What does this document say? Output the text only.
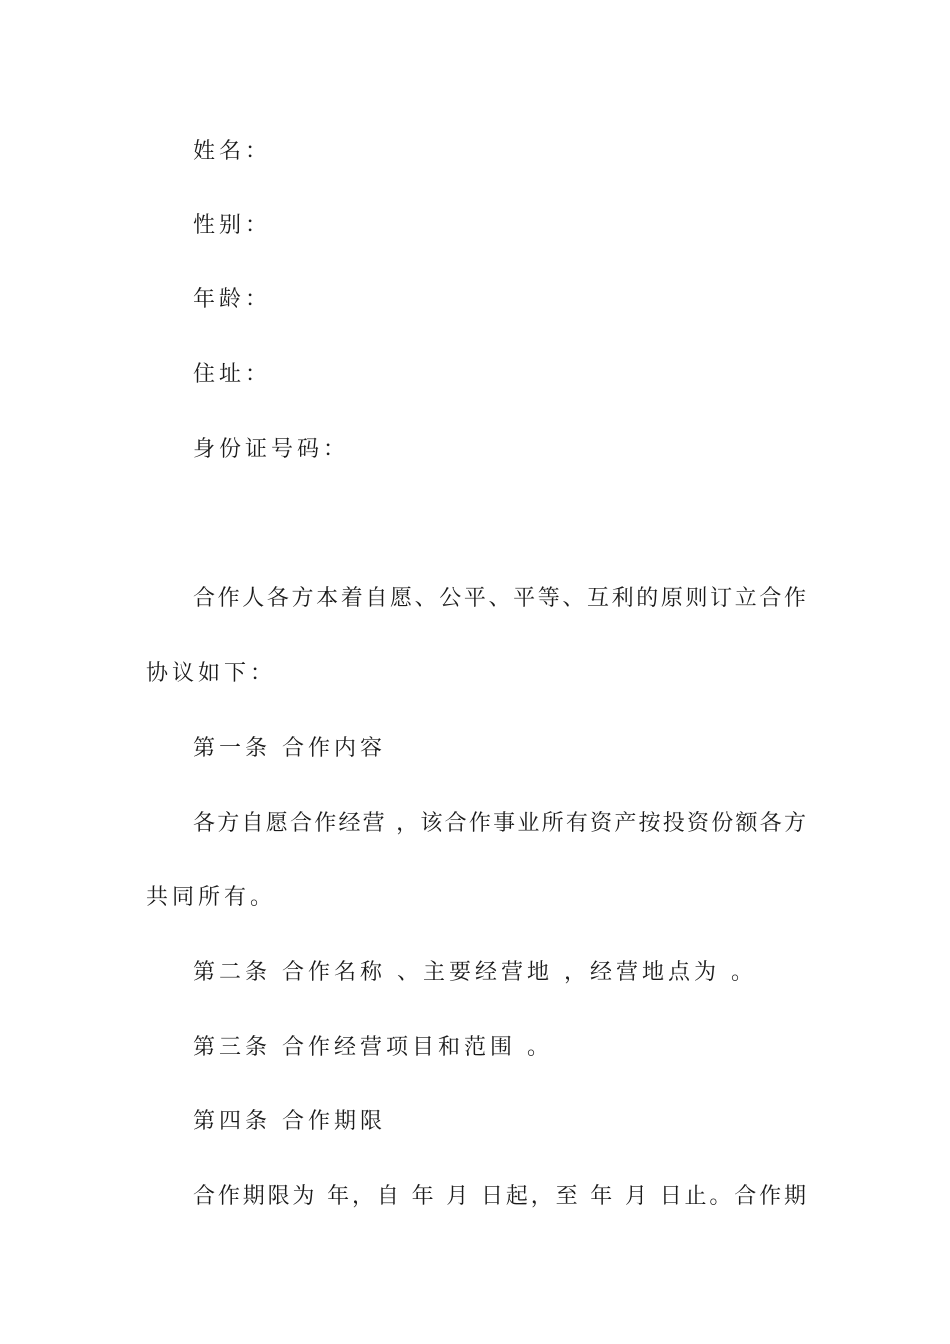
姓名：
性别：
年龄：
住址：
身份证号码：
合作人各方本着自愿、公平、平等、互利的原则订立合作
协议如下：
第一条 合作内容
各方自愿合作经营 ，该合作事业所有资产按投资份额各方
共同所有。
第二条 合作名称 、主要经营地 ，经营地点为 。
第三条 合作经营项目和范围 。
第四条 合作期限
合作期限为 年，自 年 月 日起，至 年 月 日止。合作期
